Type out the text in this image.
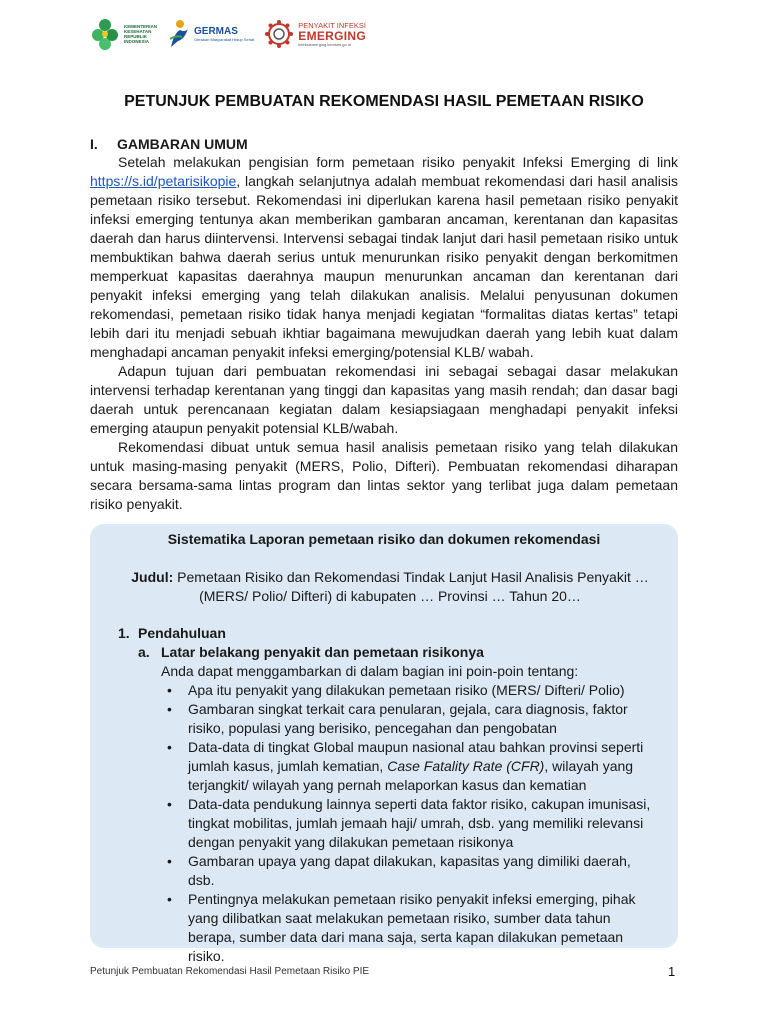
KEMENTERIAN KESEHATAN REPUBLIK INDONESIA
GERMAS
Gerakan Masyarakat Hidup Sehat
PENYAKIT INFEKSI
EMERGING
infeksiemerging.kemkes.go.id
PETUNJUK PEMBUATAN REKOMENDASI HASIL PEMETAAN RISIKO
I.	GAMBARAN UMUM

Setelah melakukan pengisian form pemetaan risiko penyakit Infeksi Emerging di link https://s.id/petarisikopie, langkah selanjutnya adalah membuat rekomendasi dari hasil analisis pemetaan risiko tersebut. Rekomendasi ini diperlukan karena hasil pemetaan risiko penyakit infeksi emerging tentunya akan memberikan gambaran ancaman, kerentanan dan kapasitas daerah dan harus diintervensi. Intervensi sebagai tindak lanjut dari hasil pemetaan risiko untuk membuktikan bahwa daerah serius untuk menurunkan risiko penyakit dengan berkomitmen memperkuat kapasitas daerahnya maupun menurunkan ancaman dan kerentanan dari penyakit infeksi emerging yang telah dilakukan analisis. Melalui penyusunan dokumen rekomendasi, pemetaan risiko tidak hanya menjadi kegiatan “formalitas diatas kertas” tetapi lebih dari itu menjadi sebuah ikhtiar bagaimana mewujudkan daerah yang lebih kuat dalam menghadapi ancaman penyakit infeksi emerging/potensial KLB/ wabah.

Adapun tujuan dari pembuatan rekomendasi ini sebagai sebagai dasar melakukan intervensi terhadap kerentanan yang tinggi dan kapasitas yang masih rendah; dan dasar bagi daerah untuk perencanaan kegiatan dalam kesiapsiagaan menghadapi penyakit infeksi emerging ataupun penyakit potensial KLB/wabah.

Rekomendasi dibuat untuk semua hasil analisis pemetaan risiko yang telah dilakukan untuk masing-masing penyakit (MERS, Polio, Difteri). Pembuatan rekomendasi diharapan secara bersama-sama lintas program dan lintas sektor yang terlibat juga dalam pemetaan risiko penyakit.

Sistematika Laporan pemetaan risiko dan dokumen rekomendasi
Judul: Pemetaan Risiko dan Rekomendasi Tindak Lanjut Hasil Analisis Penyakit … (MERS/ Polio/ Difteri) di kabupaten … Provinsi … Tahun 20…
1. Pendahuluan
a. Latar belakang penyakit dan pemetaan risikonya
Anda dapat menggambarkan di dalam bagian ini poin-poin tentang:
• Apa itu penyakit yang dilakukan pemetaan risiko (MERS/ Difteri/ Polio)
• Gambaran singkat terkait cara penularan, gejala, cara diagnosis, faktor risiko, populasi yang berisiko, pencegahan dan pengobatan
• Data-data di tingkat Global maupun nasional atau bahkan provinsi seperti jumlah kasus, jumlah kematian, Case Fatality Rate (CFR), wilayah yang terjangkit/ wilayah yang pernah melaporkan kasus dan kematian
• Data-data pendukung lainnya seperti data faktor risiko, cakupan imunisasi, tingkat mobilitas, jumlah jemaah haji/ umrah, dsb. yang memiliki relevansi dengan penyakit yang dilakukan pemetaan risikonya
• Gambaran upaya yang dapat dilakukan, kapasitas yang dimiliki daerah, dsb.
• Pentingnya melakukan pemetaan risiko penyakit infeksi emerging, pihak yang dilibatkan saat melakukan pemetaan risiko, sumber data tahun berapa, sumber data dari mana saja, serta kapan dilakukan pemetaan risiko.
Petunjuk Pembuatan Rekomendasi Hasil Pemetaan Risiko PIE	1
